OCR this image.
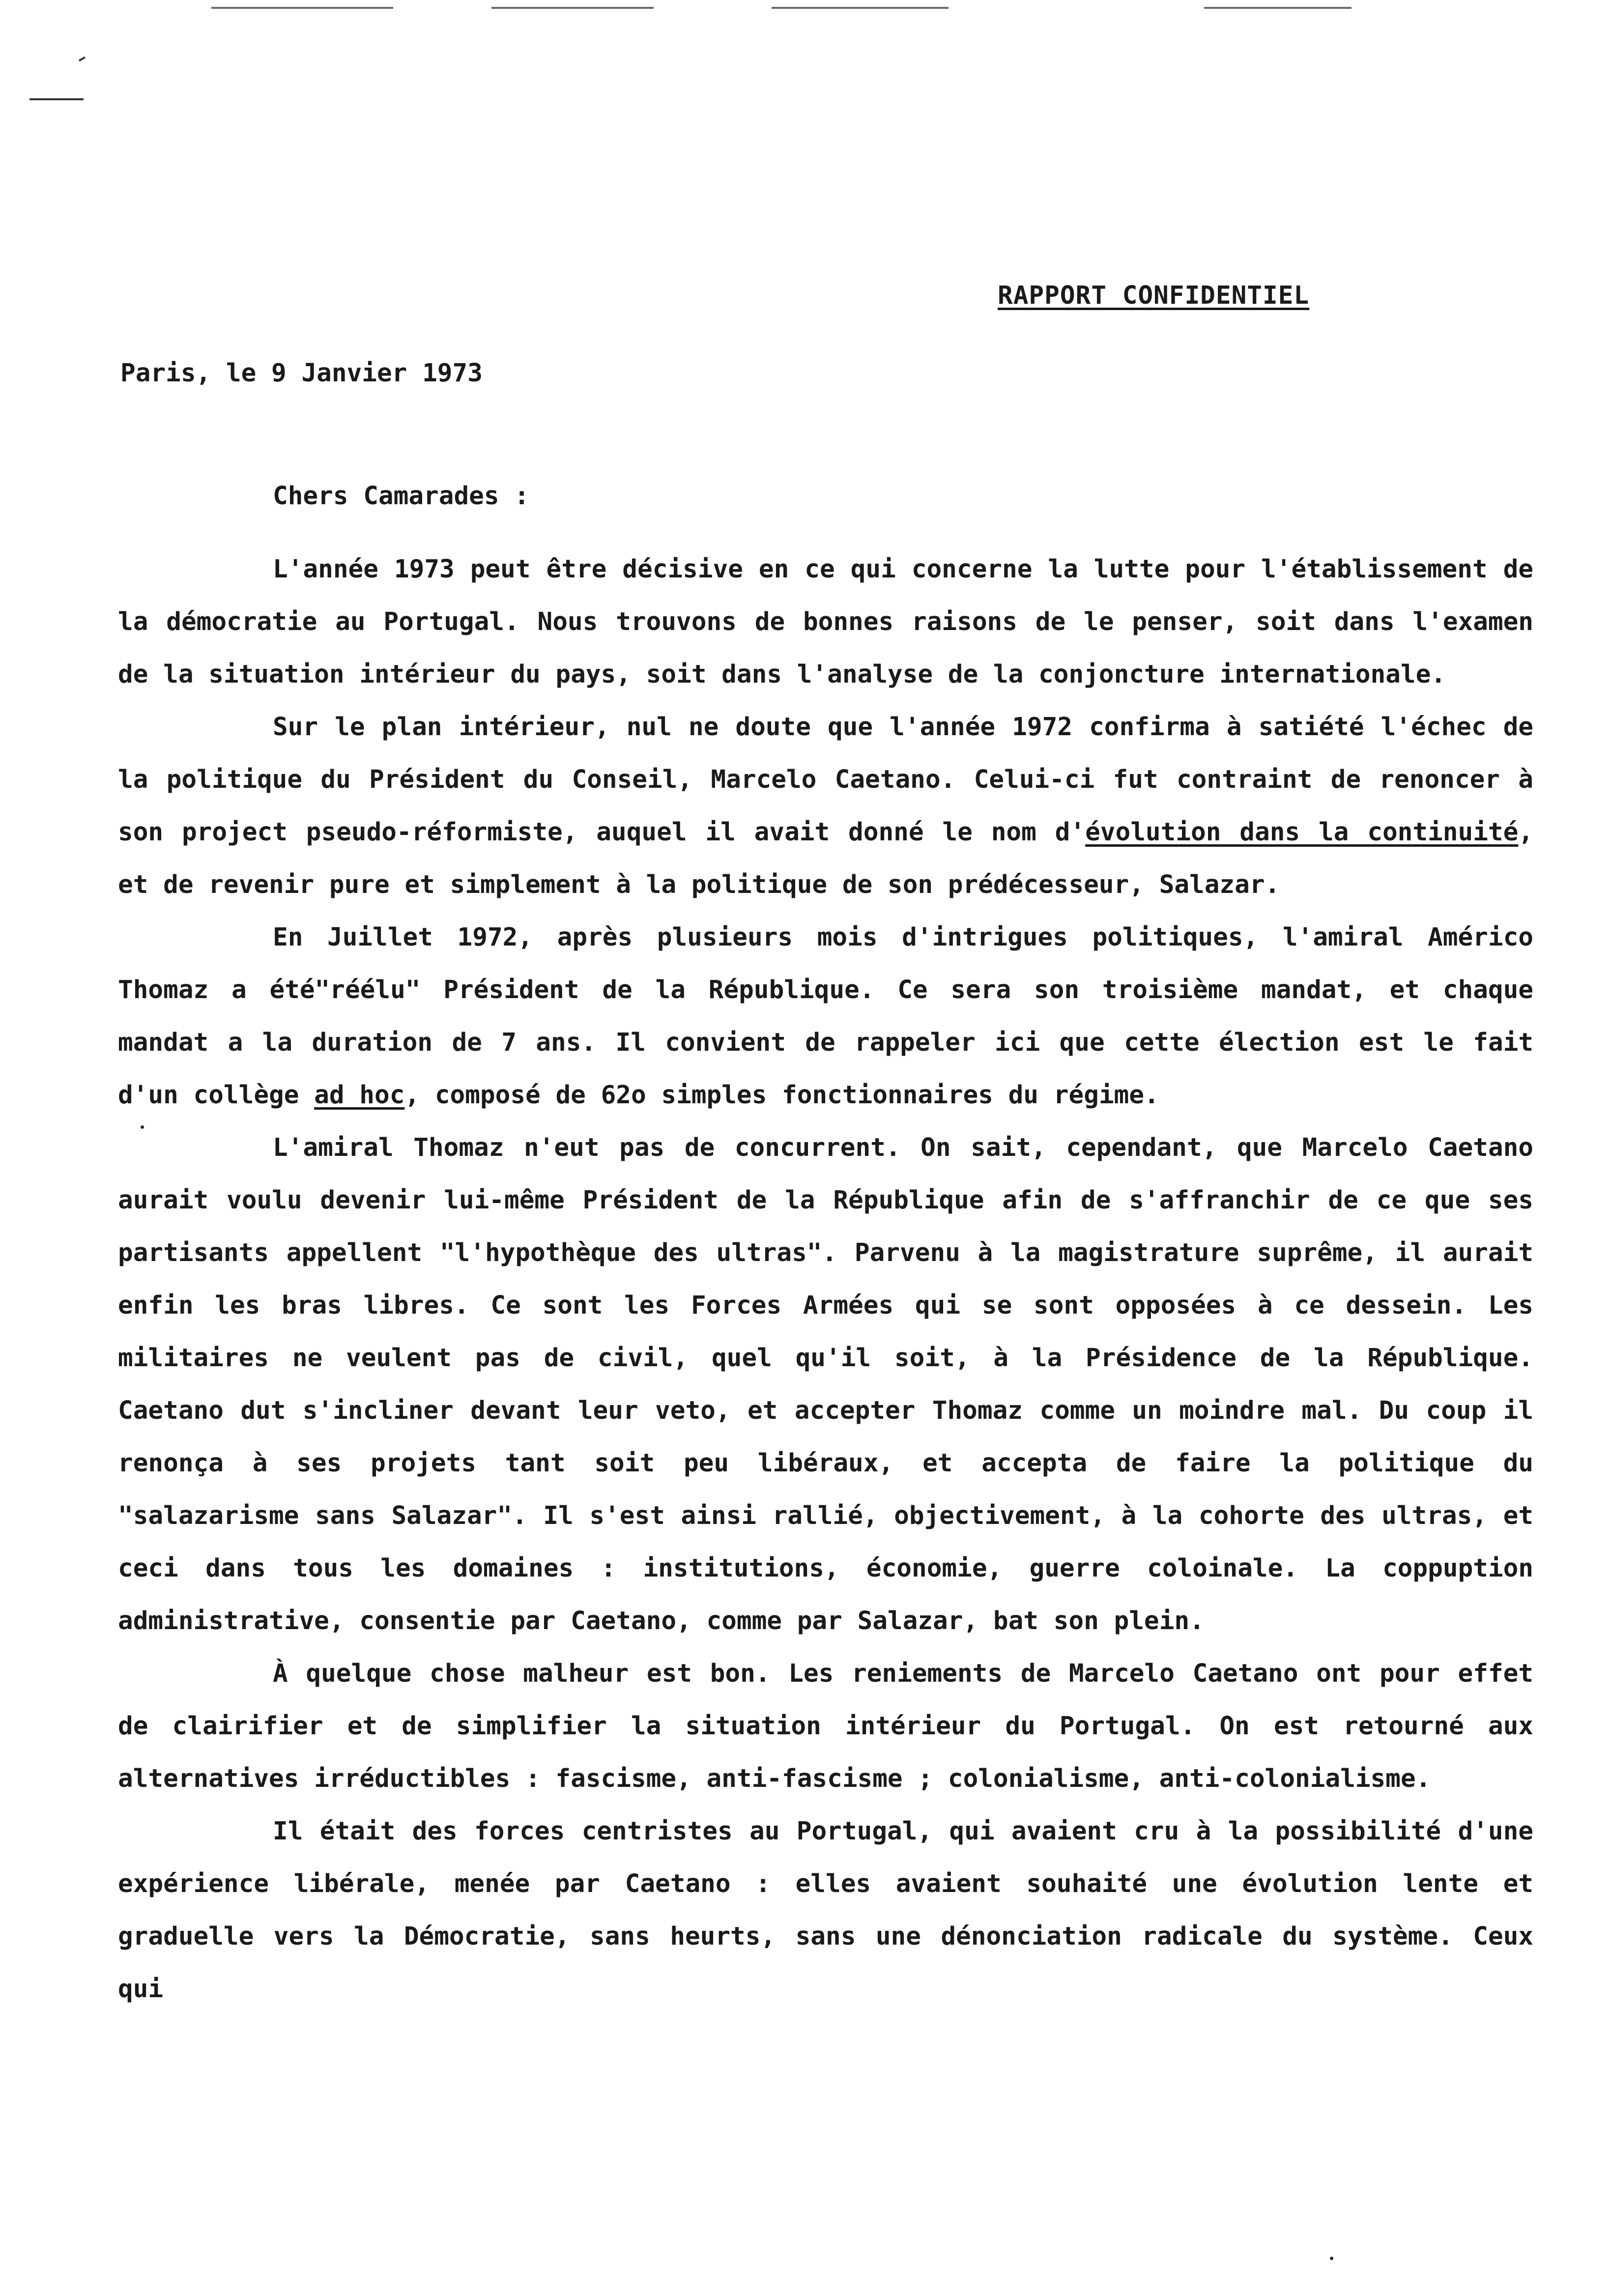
RAPPORT CONFIDENTIEL
Paris, le 9 Janvier 1973
Chers Camarades :

L'année 1973 peut être décisive en ce qui concerne la lutte pour l'établissement de la démocratie au Portugal. Nous trouvons de bonnes raisons de le penser, soit dans l'examen de la situation intérieur du pays, soit dans l'analyse de la conjoncture internationale.

Sur le plan intérieur, nul ne doute que l'année 1972 confirma à satiété l'échec de la politique du Président du Conseil, Marcelo Caetano. Celui-ci fut contraint de renoncer à son project pseudo-réformiste, auquel il avait donné le nom d'évolution dans la continuité, et de revenir pure et simplement à la politique de son prédécesseur, Salazar.

En Juillet 1972, après plusieurs mois d'intrigues politiques, l'amiral Américo Thomaz a été"réélu" Président de la République. Ce sera son troisième mandat, et chaque mandat a la duration de 7 ans. Il convient de rappeler ici que cette élection est le fait d'un collège ad hoc, composé de 62o simples fonctionnaires du régime.

L'amiral Thomaz n'eut pas de concurrent. On sait, cependant, que Marcelo Caetano aurait voulu devenir lui-même Président de la République afin de s'affranchir de ce que ses partisants appellent "l'hypothèque des ultras". Parvenu à la magistrature suprême, il aurait enfin les bras libres. Ce sont les Forces Armées qui se sont opposées à ce dessein. Les militaires ne veulent pas de civil, quel qu'il soit, à la Présidence de la République. Caetano dut s'incliner devant leur veto, et accepter Thomaz comme un moindre mal. Du coup il renonça à ses projets tant soit peu libéraux, et accepta de faire la politique du "salazarisme sans Salazar". Il s'est ainsi rallié, objectivement, à la cohorte des ultras, et ceci dans tous les domaines : institutions, économie, guerre coloinale. La coppuption administrative, consentie par Caetano, comme par Salazar, bat son plein.

À quelque chose malheur est bon. Les reniements de Marcelo Caetano ont pour effet de clairifier et de simplifier la situation intérieur du Portugal. On est retourné aux alternatives irréductibles : fascisme, anti-fascisme ; colonialisme, anti-colonialisme.

Il était des forces centristes au Portugal, qui avaient cru à la possibilité d'une expérience libérale, menée par Caetano : elles avaient souhaité une évolution lente et graduelle vers la Démocratie, sans heurts, sans une dénonciation radicale du système. Ceux qui
